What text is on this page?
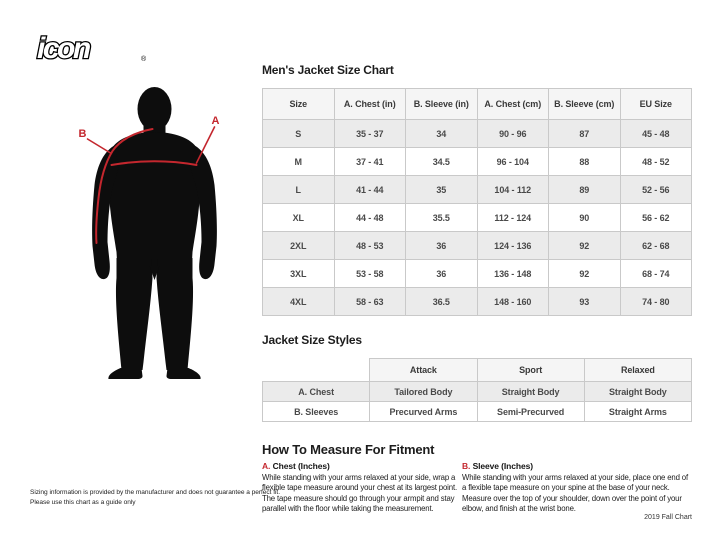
icon	®
B
A
Men's Jacket Size Chart
Size	A. Chest (in)	B. Sleeve (in)	A. Chest (cm)	B. Sleeve (cm)	EU Size
S	35 - 37	34	90 - 96	87	45 - 48
M	37 - 41	34.5	96 - 104	88	48 - 52
L	41 - 44	35	104 - 112	89	52 - 56
XL	44 - 48	35.5	112 - 124	90	56 - 62
2XL	48 - 53	36	124 - 136	92	62 - 68
3XL	53 - 58	36	136 - 148	92	68 - 74
4XL	58 - 63	36.5	148 - 160	93	74 - 80
Jacket Size Styles
	Attack	Sport	Relaxed
A. Chest	Tailored Body	Straight Body	Straight Body
B. Sleeves	Precurved Arms	Semi-Precurved	Straight Arms
How To Measure For Fitment
A. Chest (Inches)

While standing with your arms relaxed at your side, wrap a flexible tape measure around your chest at its largest point. The tape measure should go through your armpit and stay parallel with the floor while taking the measurement.

B. Sleeve (Inches)

While standing with your arms relaxed at your side, place one end of a flexible tape measure on your spine at the base of your neck. Measure over the top of your shoulder, down over the point of your elbow, and finish at the wrist bone.

Sizing information is provided by the manufacturer and does not guarantee a perfect fit.
Please use this chart as a guide only
2019 Fall Chart
